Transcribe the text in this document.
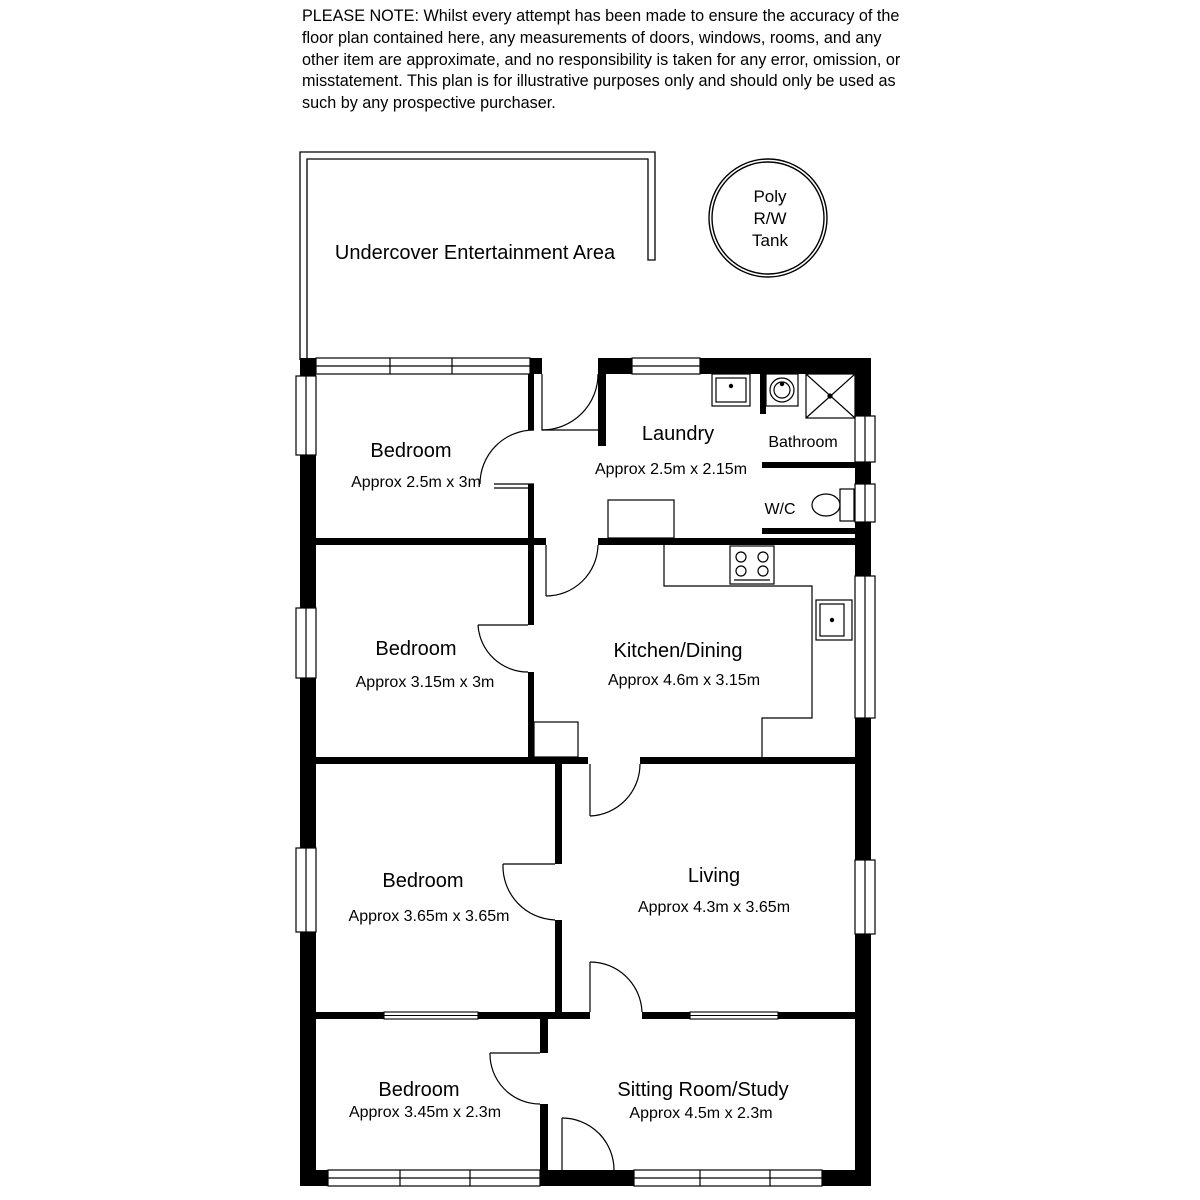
PLEASE NOTE: Whilst every attempt has been made to ensure the accuracy of the floor plan contained here, any measurements of doors, windows, rooms, and any other item are approximate, and no responsibility is taken for any error, omission, or misstatement. This plan is for illustrative purposes only and should only be used as such by any prospective purchaser.

Undercover Entertainment Area
Poly
R/W
Tank
Bedroom
Approx 2.5m x 3m
Laundry
Approx 2.5m x 2.15m
Bathroom
W/C
Bedroom
Approx 3.15m x 3m
Kitchen/Dining
Approx 4.6m x 3.15m
Bedroom
Approx 3.65m x 3.65m
Living
Approx 4.3m x 3.65m
Bedroom
Approx 3.45m x 2.3m
Sitting Room/Study
Approx 4.5m x 2.3m
